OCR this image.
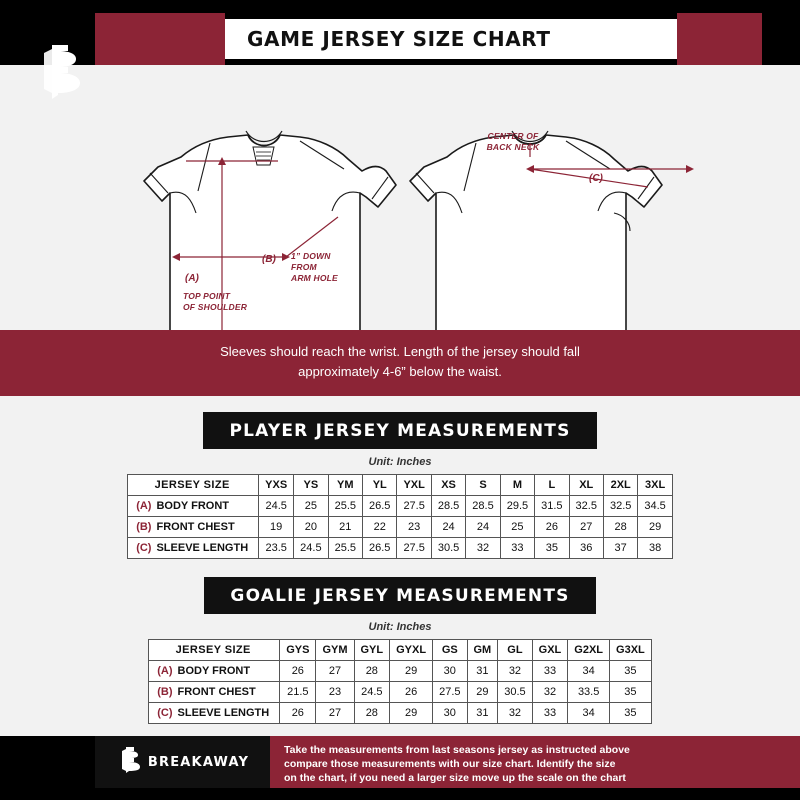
GAME JERSEY SIZE CHART
CENTER OF
BACK NECK
1” DOWN
FROM
ARM HOLE
TOP POINT
OF SHOULDER
(A)
(B)
(C)
Sleeves should reach the wrist. Length of the jersey should fall
approximately 4-6” below the waist.
PLAYER JERSEY MEASUREMENTS
Unit: Inches
JERSEY SIZE	YXS	YS	YM	YL	YXL	XS	S	M	L	XL	2XL	3XL
(A) BODY FRONT	24.5	25	25.5	26.5	27.5	28.5	28.5	29.5	31.5	32.5	32.5	34.5
(B) FRONT CHEST	19	20	21	22	23	24	24	25	26	27	28	29
(C) SLEEVE LENGTH	23.5	24.5	25.5	26.5	27.5	30.5	32	33	35	36	37	38
GOALIE JERSEY MEASUREMENTS
Unit: Inches
JERSEY SIZE	GYS	GYM	GYL	GYXL	GS	GM	GL	GXL	G2XL	G3XL
(A) BODY FRONT	26	27	28	29	30	31	32	33	34	35
(B) FRONT CHEST	21.5	23	24.5	26	27.5	29	30.5	32	33.5	35
(C) SLEEVE LENGTH	26	27	28	29	30	31	32	33	34	35
BREAKAWAY
Take the measurements from last seasons jersey as instructed above
compare those measurements with our size chart. Identify the size
on the chart, if you need a larger size move up the scale on the chart
